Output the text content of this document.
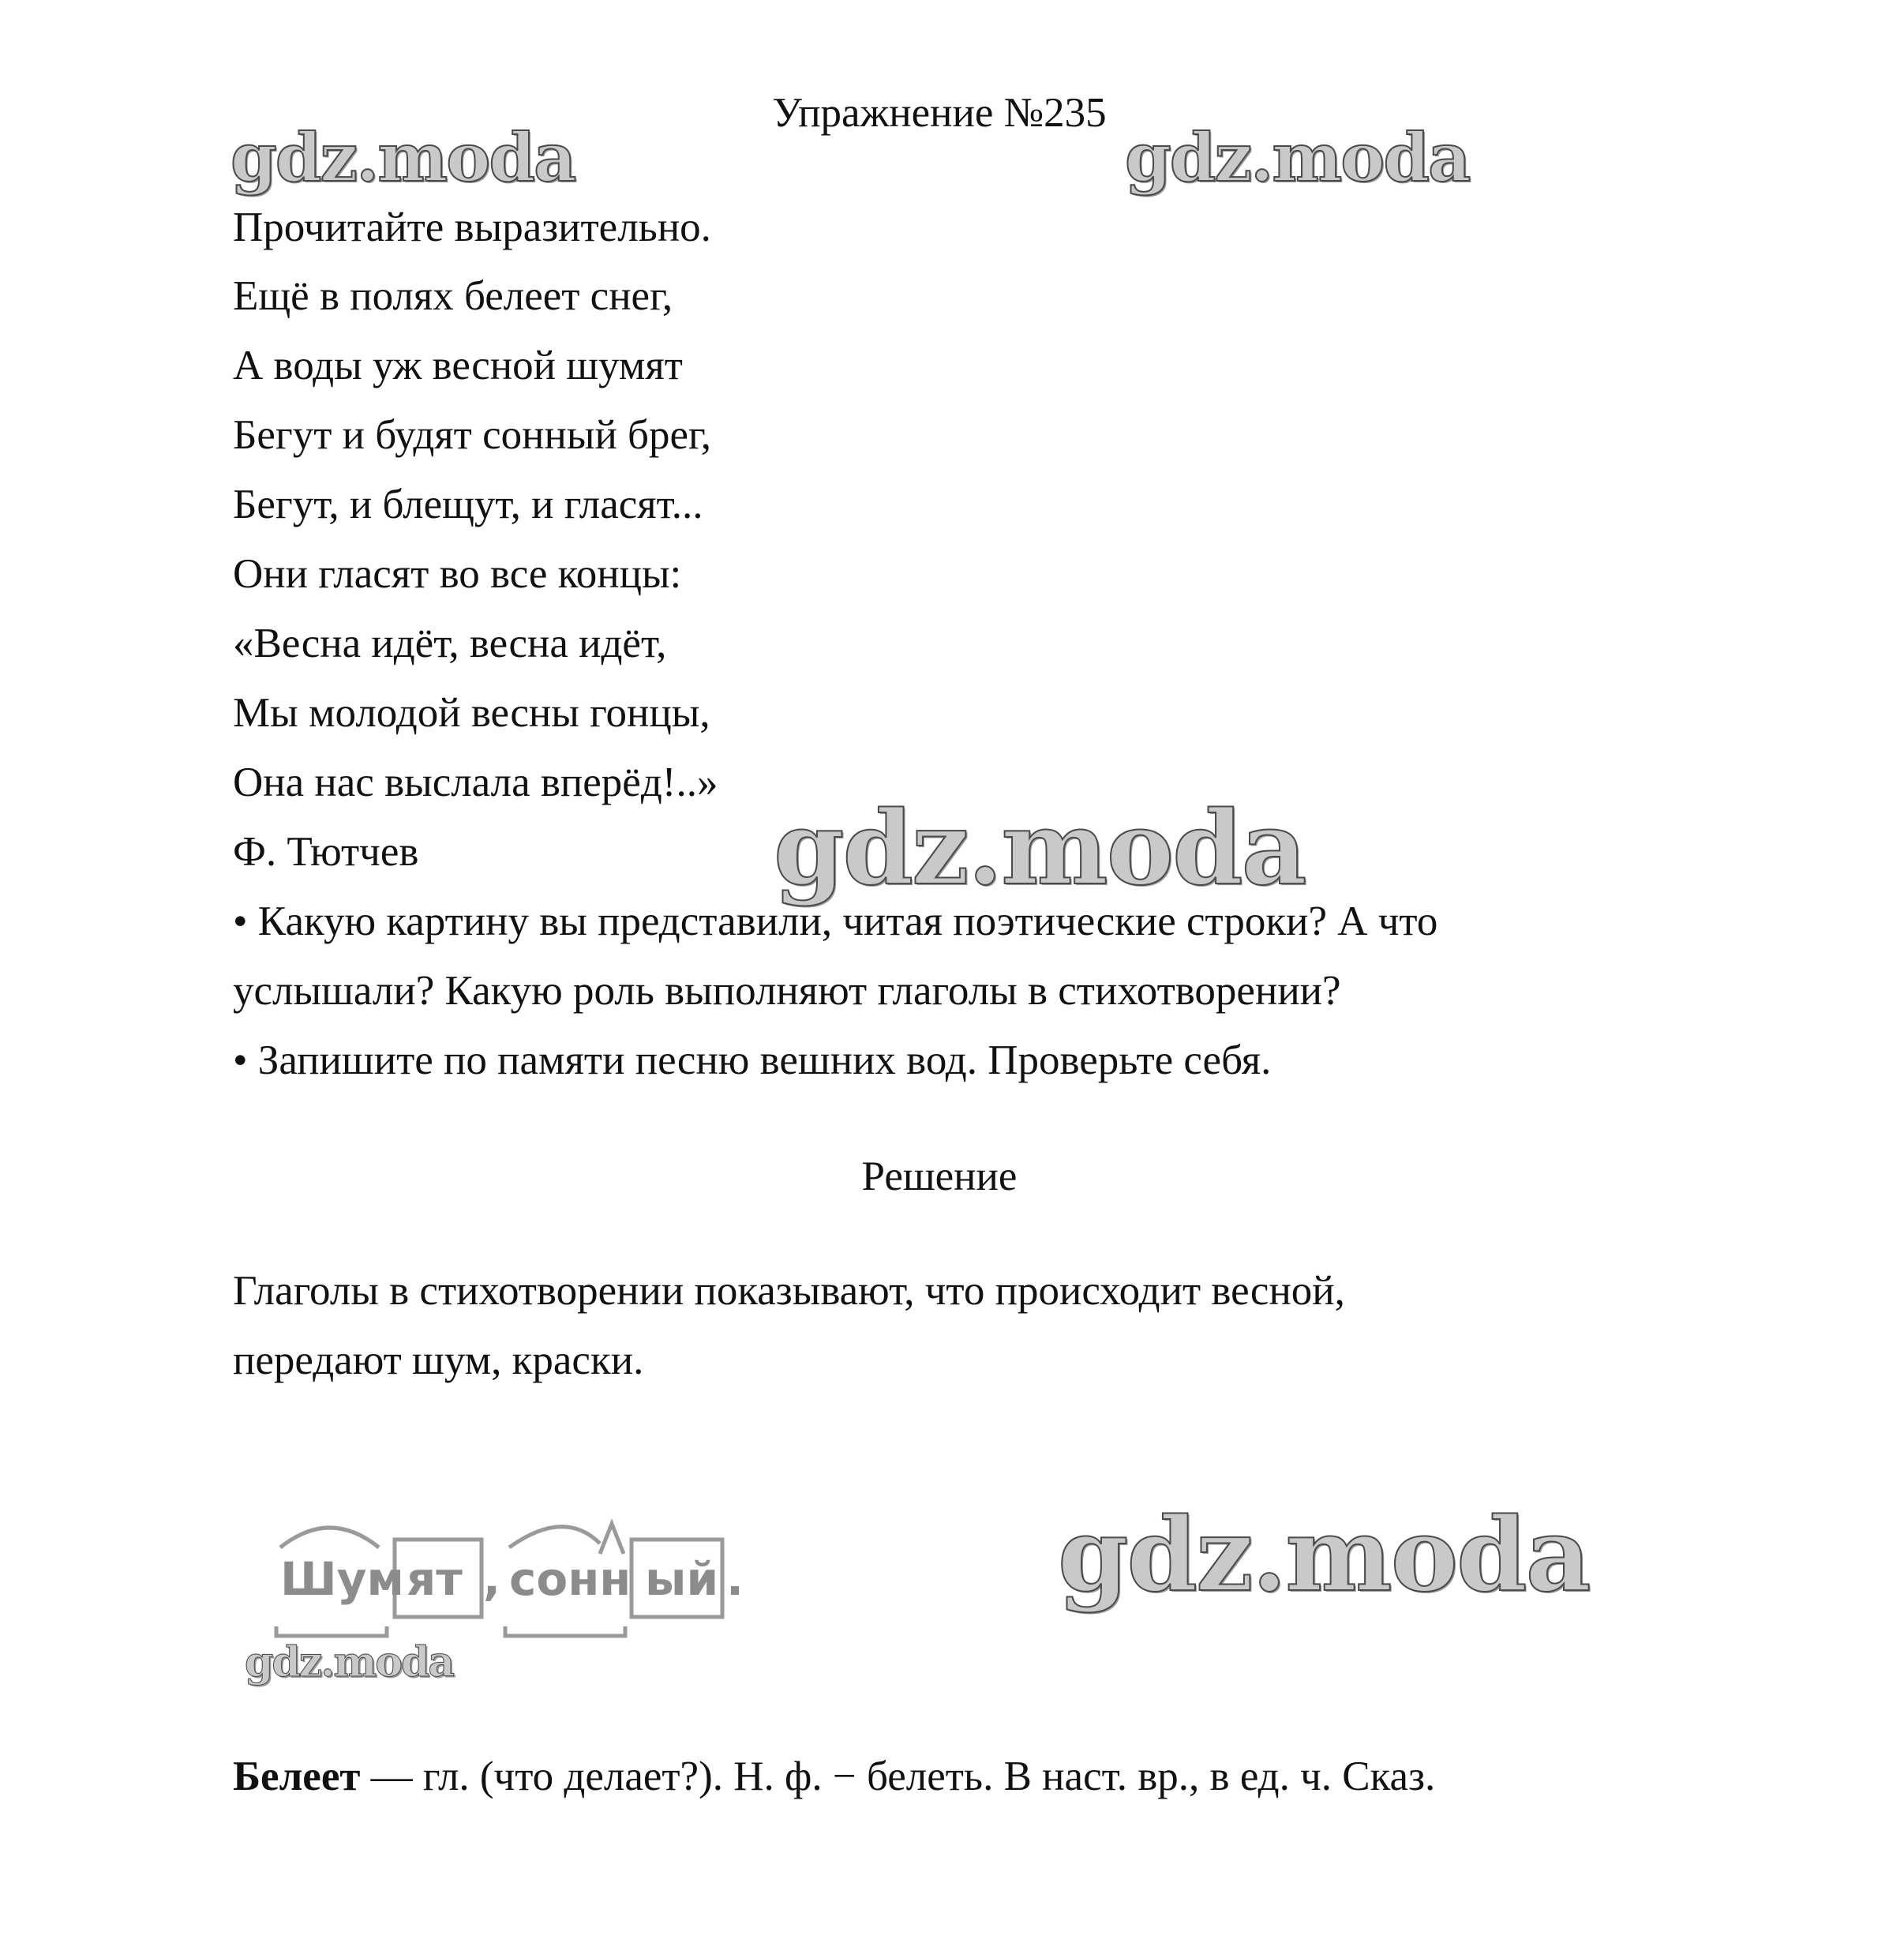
Упражнение №235
gdz.moda	gdz.moda
gdz.moda
gdz.moda
gdz.moda
Прочитайте выразительно.
Ещё в полях белеет снег,
А воды уж весной шумят
Бегут и будят сонный брег,
Бегут, и блещут, и гласят...
Они гласят во все концы:
«Весна идёт, весна идёт,
Мы молодой весны гонцы,
Она нас выслала вперёд!..»
Ф. Тютчев
• Какую картину вы представили, читая поэтические строки? А что
услышали? Какую роль выполняют глаголы в стихотворении?
• Запишите по памяти песню вешних вод. Проверьте себя.
Решение
Глаголы в стихотворении показывают, что происходит весной,
передают шум, краски.
Шум ят , сонн ый .
Белеет — гл. (что делает?). Н. ф. − белеть. В наст. вр., в ед. ч. Сказ.
